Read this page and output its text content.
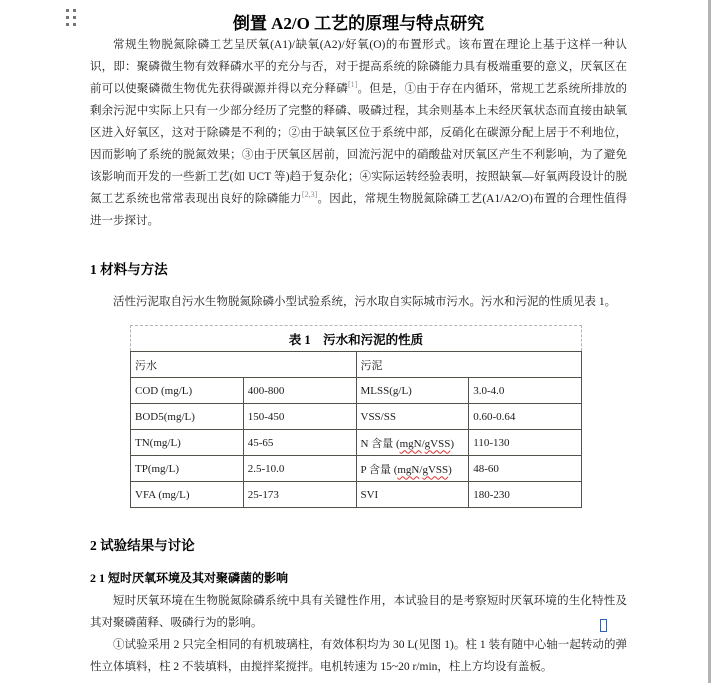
倒置 A2/O 工艺的原理与特点研究

常规生物脱氮除磷工艺呈厌氧(A1)/缺氧(A2)/好氧(O)的布置形式。该布置在理论上基于这样一种认识，即：聚磷微生物有效释磷水平的充分与否，对于提高系统的除磷能力具有极端重要的意义，厌氧区在前可以使聚磷微生物优先获得碳源并得以充分释磷[1]。但是，①由于存在内循环，常规工艺系统所排放的剩余污泥中实际上只有一少部分经历了完整的释磷、吸磷过程，其余则基本上未经厌氧状态而直接由缺氧区进入好氧区，这对于除磷是不利的；②由于缺氧区位于系统中部，反硝化在碳源分配上居于不利地位，因而影响了系统的脱氮效果；③由于厌氧区居前，回流污泥中的硝酸盐对厌氧区产生不利影响，为了避免该影响而开发的一些新工艺(如 UCT 等)趋于复杂化；④实际运转经验表明，按照缺氧—好氧两段设计的脱氮工艺系统也常常表现出良好的除磷能力[2,3]。因此，常规生物脱氮除磷工艺(A1/A2/O)布置的合理性值得进一步探讨。

1 材料与方法

活性污泥取自污水生物脱氮除磷小型试验系统，污水取自实际城市污水。污水和污泥的性质见表 1。

表 1　污水和污泥的性质
污水		污泥	
COD (mg/L)	400-800	MLSS(g/L)	3.0-4.0
BOD5(mg/L)	150-450	VSS/SS	0.60-0.64
TN(mg/L)	45-65	N 含量 (mgN/gVSS)	110-130
TP(mg/L)	2.5-10.0	P 含量 (mgN/gVSS)	48-60
VFA (mg/L)	25-173	SVI	180-230
2 试验结果与讨论
2 1 短时厌氧环境及其对聚磷菌的影响

短时厌氧环境在生物脱氮除磷系统中具有关键性作用，本试验目的是考察短时厌氧环境的生化特性及其对聚磷菌释、吸磷行为的影响。

①试验采用 2 只完全相同的有机玻璃柱，有效体积均为 30 L(见图 1)。柱 1 装有随中心轴一起转动的弹性立体填料，柱 2 不装填料，由搅拌桨搅拌。电机转速为 15~20 r/min，柱上方均设有盖板。
